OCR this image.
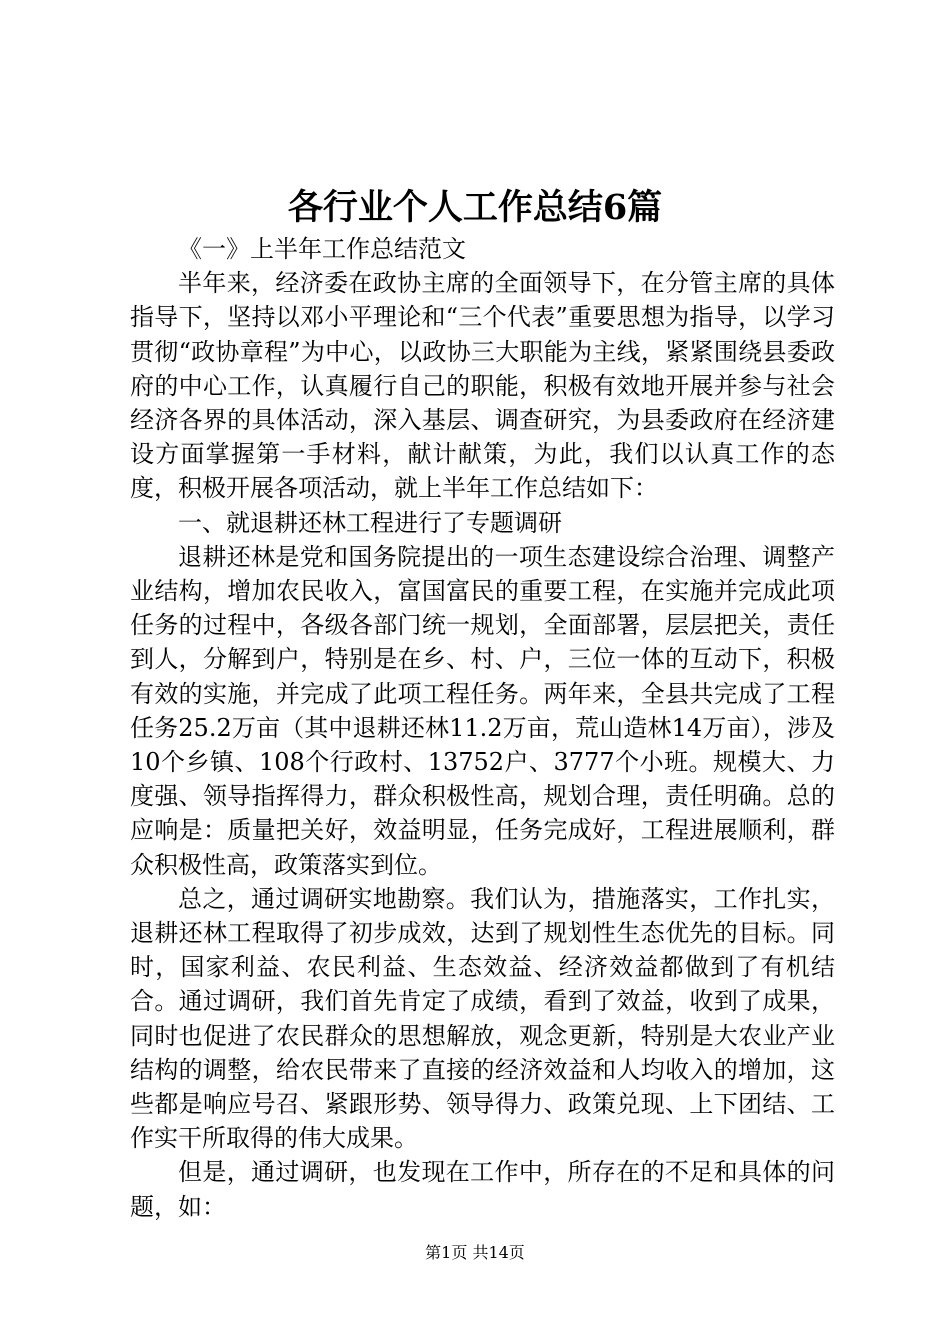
各行业个人工作总结6篇

《一》上半年工作总结范文

半年来，经济委在政协主席的全面领导下，在分管主席的具体指导下，坚持以邓小平理论和“三个代表”重要思想为指导，以学习贯彻“政协章程”为中心，以政协三大职能为主线，紧紧围绕县委政府的中心工作，认真履行自己的职能，积极有效地开展并参与社会经济各界的具体活动，深入基层、调查研究，为县委政府在经济建设方面掌握第一手材料，献计献策，为此，我们以认真工作的态度，积极开展各项活动，就上半年工作总结如下：

一、就退耕还林工程进行了专题调研

退耕还林是党和国务院提出的一项生态建设综合治理、调整产业结构，增加农民收入，富国富民的重要工程，在实施并完成此项任务的过程中，各级各部门统一规划，全面部署，层层把关，责任到人，分解到户，特别是在乡、村、户，三位一体的互动下，积极有效的实施，并完成了此项工程任务。两年来，全县共完成了工程任务25.2万亩（其中退耕还林11.2万亩，荒山造林14万亩），涉及10个乡镇、108个行政村、13752户、3777个小班。规模大、力度强、领导指挥得力，群众积极性高，规划合理，责任明确。总的应响是：质量把关好，效益明显，任务完成好，工程进展顺利，群众积极性高，政策落实到位。

总之，通过调研实地勘察。我们认为，措施落实，工作扎实，退耕还林工程取得了初步成效，达到了规划性生态优先的目标。同时，国家利益、农民利益、生态效益、经济效益都做到了有机结合。通过调研，我们首先肯定了成绩，看到了效益，收到了成果，同时也促进了农民群众的思想解放，观念更新，特别是大农业产业结构的调整，给农民带来了直接的经济效益和人均收入的增加，这些都是响应号召、紧跟形势、领导得力、政策兑现、上下团结、工作实干所取得的伟大成果。

但是，通过调研，也发现在工作中，所存在的不足和具体的问题，如：

第1页 共14页
